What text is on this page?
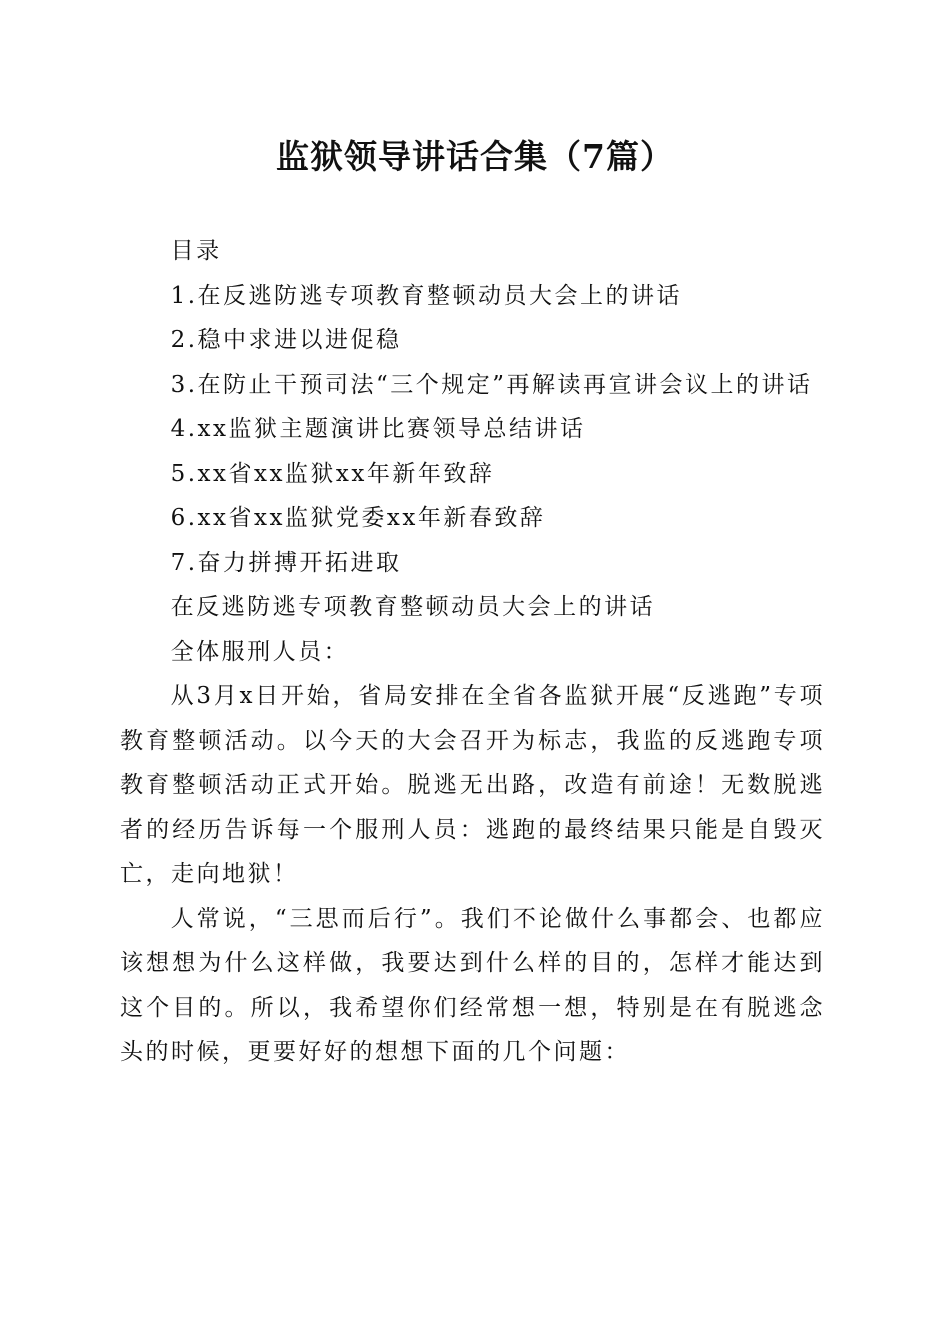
监狱领导讲话合集（7篇）

目录

1.在反逃防逃专项教育整顿动员大会上的讲话

2.稳中求进以进促稳

3.在防止干预司法“三个规定”再解读再宣讲会议上的讲话

4.xx监狱主题演讲比赛领导总结讲话

5.xx省xx监狱xx年新年致辞

6.xx省xx监狱党委xx年新春致辞

7.奋力拼搏开拓进取

在反逃防逃专项教育整顿动员大会上的讲话

全体服刑人员：

从3月x日开始，省局安排在全省各监狱开展“反逃跑”专项教育整顿活动。以今天的大会召开为标志，我监的反逃跑专项教育整顿活动正式开始。脱逃无出路，改造有前途！无数脱逃者的经历告诉每一个服刑人员：逃跑的最终结果只能是自毁灭亡，走向地狱！

人常说，“三思而后行”。我们不论做什么事都会、也都应该想想为什么这样做，我要达到什么样的目的，怎样才能达到这个目的。所以，我希望你们经常想一想，特别是在有脱逃念头的时候，更要好好的想想下面的几个问题：
